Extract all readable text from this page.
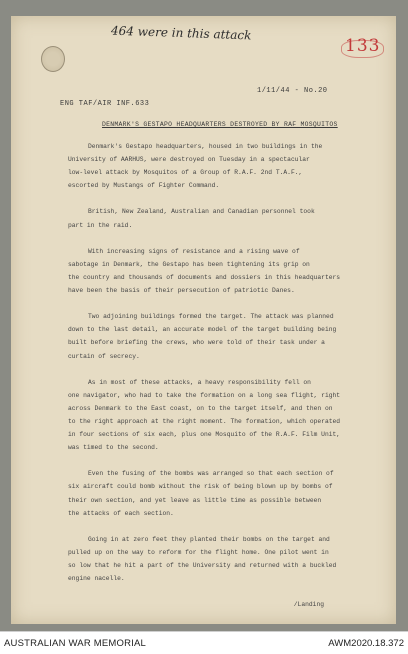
464 were in this attack
133
1/11/44 - No.20
ENG TAF/AIR INF.633
DENMARK'S GESTAPO HEADQUARTERS DESTROYED BY RAF MOSQUITOS
Denmark's Gestapo headquarters, housed in two buildings in the
University of AARHUS, were destroyed on Tuesday in a spectacular
low-level attack by Mosquitos of a Group of R.A.F. 2nd T.A.F.,
escorted by Mustangs of Fighter Command.
British, New Zealand, Australian and Canadian personnel took
part in the raid.
With increasing signs of resistance and a rising wave of
sabotage in Denmark, the Gestapo has been tightening its grip on
the country and thousands of documents and dossiers in this headquarters
have been the basis of their persecution of patriotic Danes.
Two adjoining buildings formed the target. The attack was planned
down to the last detail, an accurate model of the target building being
built before briefing the crews, who were told of their task under a
curtain of secrecy.
As in most of these attacks, a heavy responsibility fell on
one navigator, who had to take the formation on a long sea flight, right
across Denmark to the East coast, on to the target itself, and then on
to the right approach at the right moment. The formation, which operated
in four sections of six each, plus one Mosquito of the R.A.F. Film Unit,
was timed to the second.
Even the fusing of the bombs was arranged so that each section of
six aircraft could bomb without the risk of being blown up by bombs of
their own section, and yet leave as little time as possible between
the attacks of each section.
Going in at zero feet they planted their bombs on the target and
pulled up on the way to reform for the flight home. One pilot went in
so low that he hit a part of the University and returned with a buckled
engine nacelle.
/Landing
AUSTRALIAN WAR MEMORIAL	AWM2020.18.372
